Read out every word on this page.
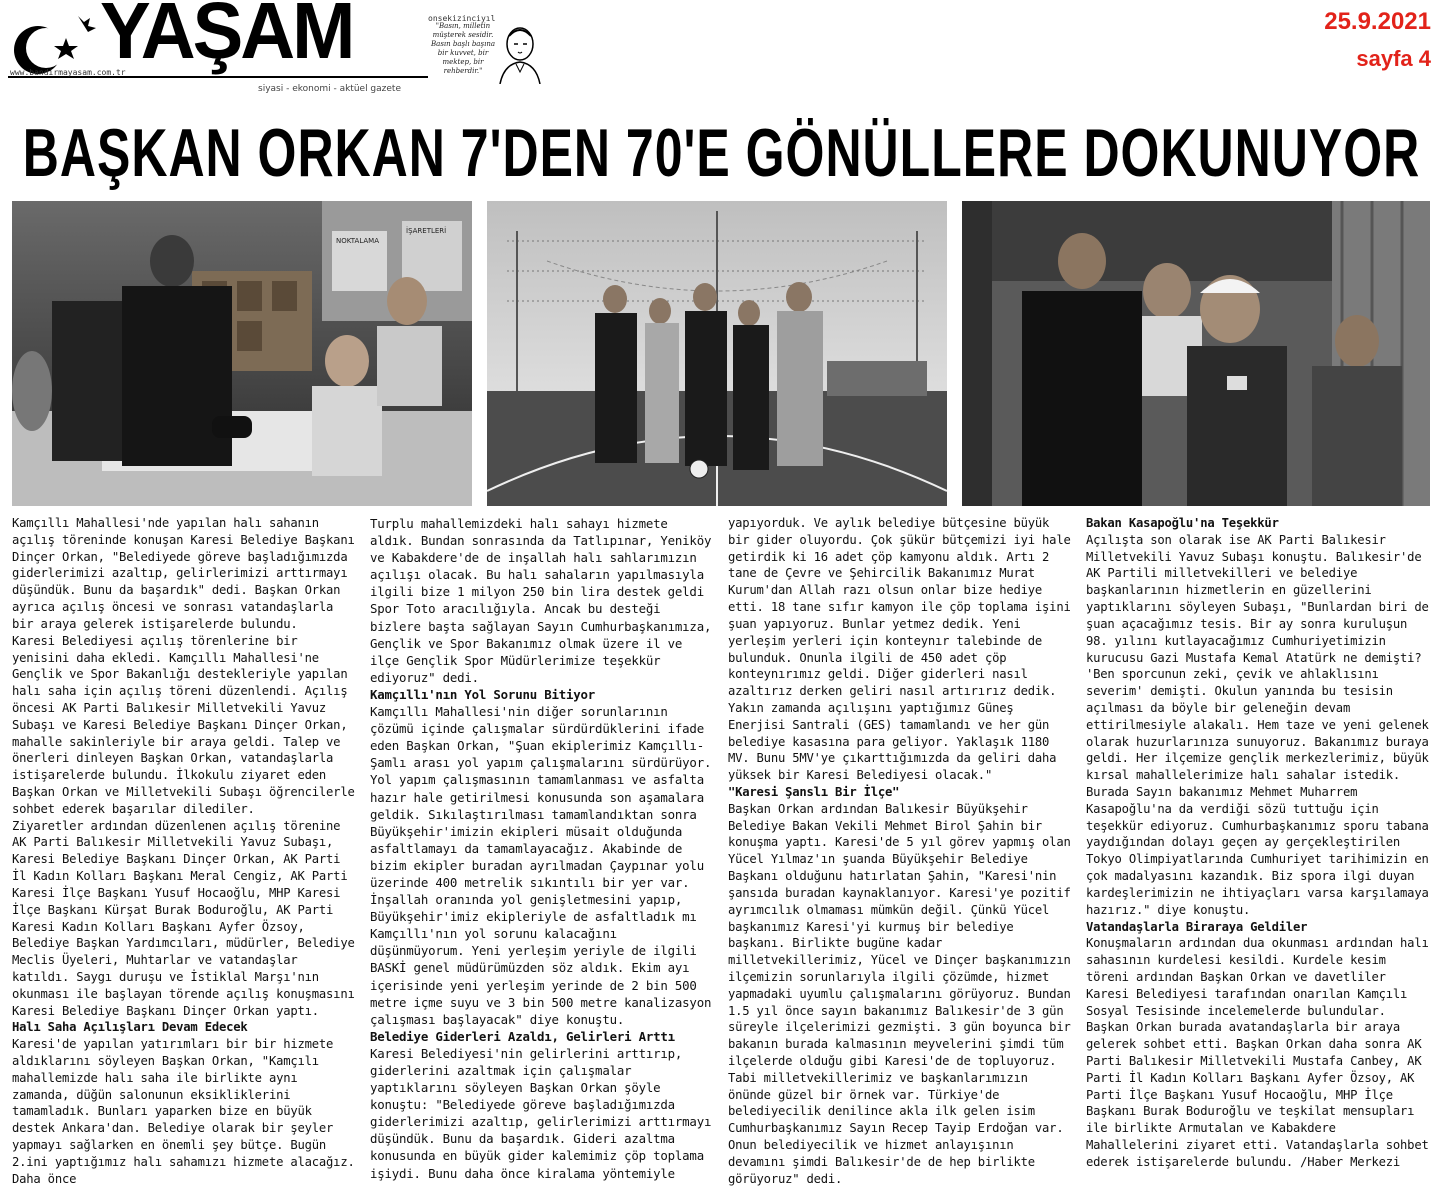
YAŞAM
www.bandirmayasam.com.tr
siyasi - ekonomi - aktüel gazete
onsekizinciyıl
"Basın, milletin müşterek sesidir. Basın başlı başına bir kuvvet, bir mektep, bir rehberdir."
25.9.2021
sayfa 4
BAŞKAN ORKAN 7'DEN 70'E GÖNÜLLERE DOKUNUYOR
NOKTALAMA
İŞARETLERİ

Kamçıllı Mahallesi'nde yapılan halı sahanın açılış töreninde konuşan Karesi Belediye Başkanı Dinçer Orkan, "Belediyede göreve başladığımızda giderlerimizi azaltıp, gelirlerimizi arttırmayı düşündük. Bunu da başardık" dedi. Başkan Orkan ayrıca açılış öncesi ve sonrası vatandaşlarla bir araya gelerek istişarelerde bulundu.

Karesi Belediyesi açılış törenlerine bir yenisini daha ekledi. Kamçıllı Mahallesi'ne Gençlik ve Spor Bakanlığı destekleriyle yapılan halı saha için açılış töreni düzenlendi. Açılış öncesi AK Parti Balıkesir Milletvekili Yavuz Subaşı ve Karesi Belediye Başkanı Dinçer Orkan, mahalle sakinleriyle bir araya geldi. Talep ve önerleri dinleyen Başkan Orkan, vatandaşlarla istişarelerde bulundu. İlkokulu ziyaret eden Başkan Orkan ve Milletvekili Subaşı öğrencilerle sohbet ederek başarılar dilediler.

Ziyaretler ardından düzenlenen açılış törenine AK Parti Balıkesir Milletvekili Yavuz Subaşı, Karesi Belediye Başkanı Dinçer Orkan, AK Parti İl Kadın Kolları Başkanı Meral Cengiz, AK Parti Karesi İlçe Başkanı Yusuf Hocaoğlu, MHP Karesi İlçe Başkanı Kürşat Burak Boduroğlu, AK Parti Karesi Kadın Kolları Başkanı Ayfer Özsoy, Belediye Başkan Yardımcıları, müdürler, Belediye Meclis Üyeleri, Muhtarlar ve vatandaşlar katıldı. Saygı duruşu ve İstiklal Marşı'nın okunması ile başlayan törende açılış konuşmasını Karesi Belediye Başkanı Dinçer Orkan yaptı.

Halı Saha Açılışları Devam Edecek

Karesi'de yapılan yatırımları bir bir hizmete aldıklarını söyleyen Başkan Orkan, "Kamçılı mahallemizde halı saha ile birlikte aynı zamanda, düğün salonunun eksikliklerini tamamladık. Bunları yaparken bize en büyük destek Ankara'dan. Belediye olarak bir şeyler yapmayı sağlarken en önemli şey bütçe. Bugün 2.ini yaptığımız halı sahamızı hizmete alacağız. Daha önce

Turplu mahallemizdeki halı sahayı hizmete aldık. Bundan sonrasında da Tatlıpınar, Yeniköy ve Kabakdere'de de inşallah halı sahlarımızın açılışı olacak. Bu halı sahaların yapılmasıyla ilgili bize 1 milyon 250 bin lira destek geldi Spor Toto aracılığıyla. Ancak bu desteği bizlere başta sağlayan Sayın Cumhurbaşkanımıza, Gençlik ve Spor Bakanımız olmak üzere il ve ilçe Gençlik Spor Müdürlerimize teşekkür ediyoruz" dedi.

Kamçıllı'nın Yol Sorunu Bitiyor

Kamçıllı Mahallesi'nin diğer sorunlarının çözümü içinde çalışmalar sürdürdüklerini ifade eden Başkan Orkan, "Şuan ekiplerimiz Kamçıllı- Şamlı arası yol yapım çalışmalarını sürdürüyor. Yol yapım çalışmasının tamamlanması ve asfalta hazır hale getirilmesi konusunda son aşamalara geldik. Sıkılaştırılması tamamlandıktan sonra Büyükşehir'imizin ekipleri müsait olduğunda asfaltlamayı da tamamlayacağız. Akabinde de bizim ekipler buradan ayrılmadan Çaypınar yolu üzerinde 400 metrelik sıkıntılı bir yer var. İnşallah oranında yol genişletmesini yapıp, Büyükşehir'imiz ekipleriyle de asfaltladık mı Kamçıllı'nın yol sorunu kalacağını düşünmüyorum. Yeni yerleşim yeriyle de ilgili BASKİ genel müdürümüzden söz aldık. Ekim ayı içerisinde yeni yerleşim yerinde de 2 bin 500 metre içme suyu ve 3 bin 500 metre kanalizasyon çalışması başlayacak" diye konuştu.

Belediye Giderleri Azaldı, Gelirleri Arttı

Karesi Belediyesi'nin gelirlerini arttırıp, giderlerini azaltmak için çalışmalar yaptıklarını söyleyen Başkan Orkan şöyle konuştu: "Belediyede göreve başladığımızda giderlerimizi azaltıp, gelirlerimizi arttırmayı düşündük. Bunu da başardık. Gideri azaltma konusunda en büyük gider kalemimiz çöp toplama işiydi. Bunu daha önce kiralama yöntemiyle

yapıyorduk. Ve aylık belediye bütçesine büyük bir gider oluyordu. Çok şükür bütçemizi iyi hale getirdik ki 16 adet çöp kamyonu aldık. Artı 2 tane de Çevre ve Şehircilik Bakanımız Murat Kurum'dan Allah razı olsun onlar bize hediye etti. 18 tane sıfır kamyon ile çöp toplama işini şuan yapıyoruz. Bunlar yetmez dedik. Yeni yerleşim yerleri için konteynır talebinde de bulunduk. Onunla ilgili de 450 adet çöp konteynırımız geldi. Diğer giderleri nasıl azaltırız derken geliri nasıl artırırız dedik. Yakın zamanda açılışını yaptığımız Güneş Enerjisi Santrali (GES) tamamlandı ve her gün belediye kasasına para geliyor. Yaklaşık 1180 MV. Bunu 5MV'ye çıkarttığımızda da geliri daha yüksek bir Karesi Belediyesi olacak."

"Karesi Şanslı Bir İlçe"

Başkan Orkan ardından Balıkesir Büyükşehir Belediye Bakan Vekili Mehmet Birol Şahin bir konuşma yaptı. Karesi'de 5 yıl görev yapmış olan Yücel Yılmaz'ın şuanda Büyükşehir Belediye Başkanı olduğunu hatırlatan Şahin, "Karesi'nin şansıda buradan kaynaklanıyor. Karesi'ye pozitif ayrımcılık olmaması mümkün değil. Çünkü Yücel başkanımız Karesi'yi kurmuş bir belediye başkanı. Birlikte bugüne kadar milletvekillerimiz, Yücel ve Dinçer başkanımızın ilçemizin sorunlarıyla ilgili çözümde, hizmet yapmadaki uyumlu çalışmalarını görüyoruz. Bundan 1.5 yıl önce sayın bakanımız Balıkesir'de 3 gün süreyle ilçelerimizi gezmişti. 3 gün boyunca bir bakanın burada kalmasının meyvelerini şimdi tüm ilçelerde olduğu gibi Karesi'de de topluyoruz. Tabi milletvekillerimiz ve başkanlarımızın önünde güzel bir örnek var. Türkiye'de belediyecilik denilince akla ilk gelen isim Cumhurbaşkanımız Sayın Recep Tayip Erdoğan var. Onun belediyecilik ve hizmet anlayışının devamını şimdi Balıkesir'de de hep birlikte görüyoruz" dedi.

Bakan Kasapoğlu'na Teşekkür

Açılışta son olarak ise AK Parti Balıkesir Milletvekili Yavuz Subaşı konuştu. Balıkesir'de AK Partili milletvekilleri ve belediye başkanlarının hizmetlerin en güzellerini yaptıklarını söyleyen Subaşı, "Bunlardan biri de şuan açacağımız tesis. Bir ay sonra kuruluşun 98. yılını kutlayacağımız Cumhuriyetimizin kurucusu Gazi Mustafa Kemal Atatürk ne demişti? 'Ben sporcunun zeki, çevik ve ahlaklısını severim' demişti. Okulun yanında bu tesisin açılması da böyle bir geleneğin devam ettirilmesiyle alakalı. Hem taze ve yeni gelenek olarak huzurlarınıza sunuyoruz. Bakanımız buraya geldi. Her ilçemize gençlik merkezlerimiz, büyük kırsal mahallelerimize halı sahalar istedik. Burada Sayın bakanımız Mehmet Muharrem Kasapoğlu'na da verdiği sözü tuttuğu için teşekkür ediyoruz. Cumhurbaşkanımız sporu tabana yaydığından dolayı geçen ay gerçekleştirilen Tokyo Olimpiyatlarında Cumhuriyet tarihimizin en çok madalyasını kazandık. Biz spora ilgi duyan kardeşlerimizin ne ihtiyaçları varsa karşılamaya hazırız." diye konuştu.

Vatandaşlarla Biraraya Geldiler

Konuşmaların ardından dua okunması ardından halı sahasının kurdelesi kesildi. Kurdele kesim töreni ardından Başkan Orkan ve davetliler Karesi Belediyesi tarafından onarılan Kamçılı Sosyal Tesisinde incelemelerde bulundular. Başkan Orkan burada avatandaşlarla bir araya gelerek sohbet etti. Başkan Orkan daha sonra AK Parti Balıkesir Milletvekili Mustafa Canbey, AK Parti İl Kadın Kolları Başkanı Ayfer Özsoy, AK Parti İlçe Başkanı Yusuf Hocaoğlu, MHP İlçe Başkanı Burak Boduroğlu ve teşkilat mensupları ile birlikte Armutalan ve Kabakdere Mahallelerini ziyaret etti. Vatandaşlarla sohbet ederek istişarelerde bulundu. /Haber Merkezi
